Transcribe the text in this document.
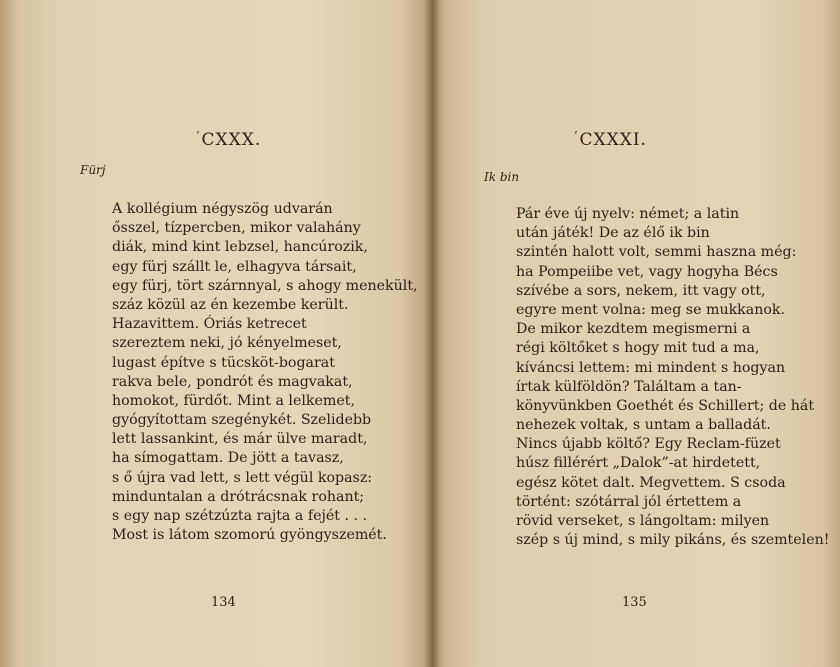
‘CXXX.
Fürj
A kollégium négyszög udvarán
ősszel, tízpercben, mikor valahány
diák, mind kint lebzsel, hancúrozik,
egy fürj szállt le, elhagyva társait,
egy fürj, tört szárnnyal, s ahogy menekült,
száz közül az én kezembe került.
Hazavittem. Óriás ketrecet
szereztem neki, jó kényelmeset,
lugast építve s tücsköt-bogarat
rakva bele, pondrót és magvakat,
homokot, fürdőt. Mint a lelkemet,
gyógyítottam szegénykét. Szelidebb
lett lassankint, és már ülve maradt,
ha símogattam. De jött a tavasz,
s ő újra vad lett, s lett végül kopasz:
minduntalan a drótrácsnak rohant;
s egy nap szétzúzta rajta a fejét . . .
Most is látom szomorú gyöngyszemét.
134
‘CXXXI.
Ik bin
Pár éve új nyelv: német; a latin
után játék! De az élő ik bin
szintén halott volt, semmi haszna még:
ha Pompeiibe vet, vagy hogyha Bécs
szívébe a sors, nekem, itt vagy ott,
egyre ment volna: meg se mukkanok.
De mikor kezdtem megismerni a
régi költőket s hogy mit tud a ma,
kíváncsi lettem: mi mindent s hogyan
írtak külföldön? Találtam a tan-
könyvünkben Goethét és Schillert; de hát
nehezek voltak, s untam a balladát.
Nincs újabb költő? Egy Reclam-füzet
húsz fillérért „Dalok”-at hirdetett,
egész kötet dalt. Megvettem. S csoda
történt: szótárral jól értettem a
rövid verseket, s lángoltam: milyen
szép s új mind, s mily pikáns, és szemtelen!
135
